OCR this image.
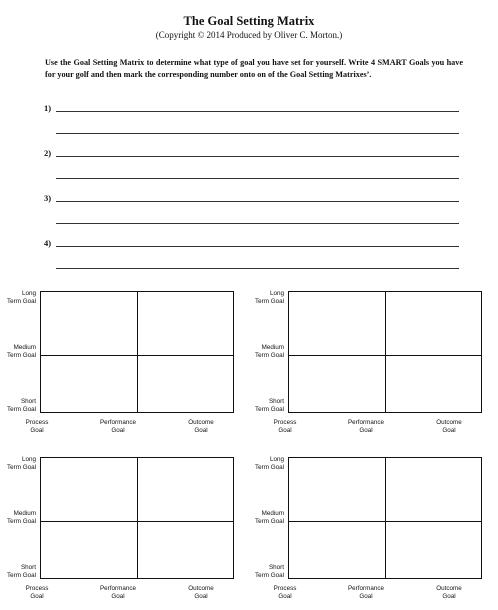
The Goal Setting Matrix
(Copyright © 2014 Produced by Oliver C. Morton.)
Use the Goal Setting Matrix to determine what type of goal you have set for yourself. Write 4 SMART Goals you have for your golf and then mark the corresponding number onto on of the Goal Setting Matrixes’.
1)
2)
3)
4)
Long
Term Goal
Medium
Term Goal
Short
Term Goal
Process
Goal
Performance
Goal
Outcome
Goal
Long
Term Goal
Medium
Term Goal
Short
Term Goal
Process
Goal
Performance
Goal
Outcome
Goal
Long
Term Goal
Medium
Term Goal
Short
Term Goal
Process
Goal
Performance
Goal
Outcome
Goal
Long
Term Goal
Medium
Term Goal
Short
Term Goal
Process
Goal
Performance
Goal
Outcome
Goal
